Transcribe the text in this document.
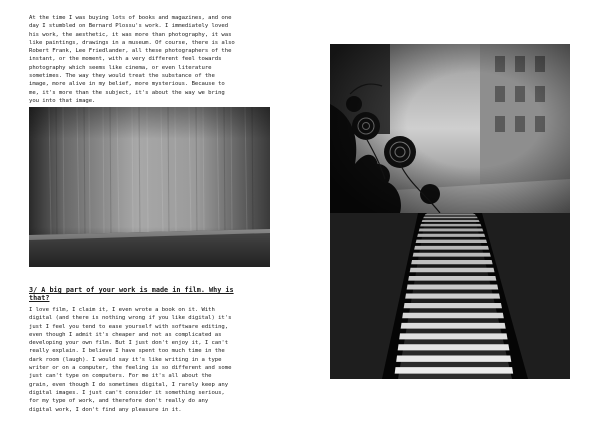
At the time I was buying lots of books and magazines, and one
day I stumbled on Bernard Plossu's work. I immediately loved
his work, the aesthetic, it was more than photography, it was
like paintings, drawings in a museum. Of course, there is also
Robert Frank, Lee Friedlander, all these photographers of the
instant, or the moment, with a very different feel towards
photography which seems like cinema, or even literature
sometimes. The way they would treat the substance of the
image, more alive in my belief, more mysterious. Because to
me, it's more than the subject, it's about the way we bring
you into that image.

3/ A big part of your work is made in film. Why is
that?

I love film, I claim it, I even wrote a book on it. With
digital (and there is nothing wrong if you like digital) it's
just I feel you tend to ease yourself with software editing,
even though I admit it's cheaper and not as complicated as
developing your own film. But I just don't enjoy it, I can't
really explain. I believe I have spent too much time in the
dark room (laugh). I would say it's like writing in a type
writer or on a computer, the feeling is so different and some
just can't type on computers. For me it's all about the
grain, even though I do sometimes digital, I rarely keep any
digital images. I just can't consider it something serious,
for my type of work, and therefore don't really do any
digital work, I don't find any pleasure in it.
